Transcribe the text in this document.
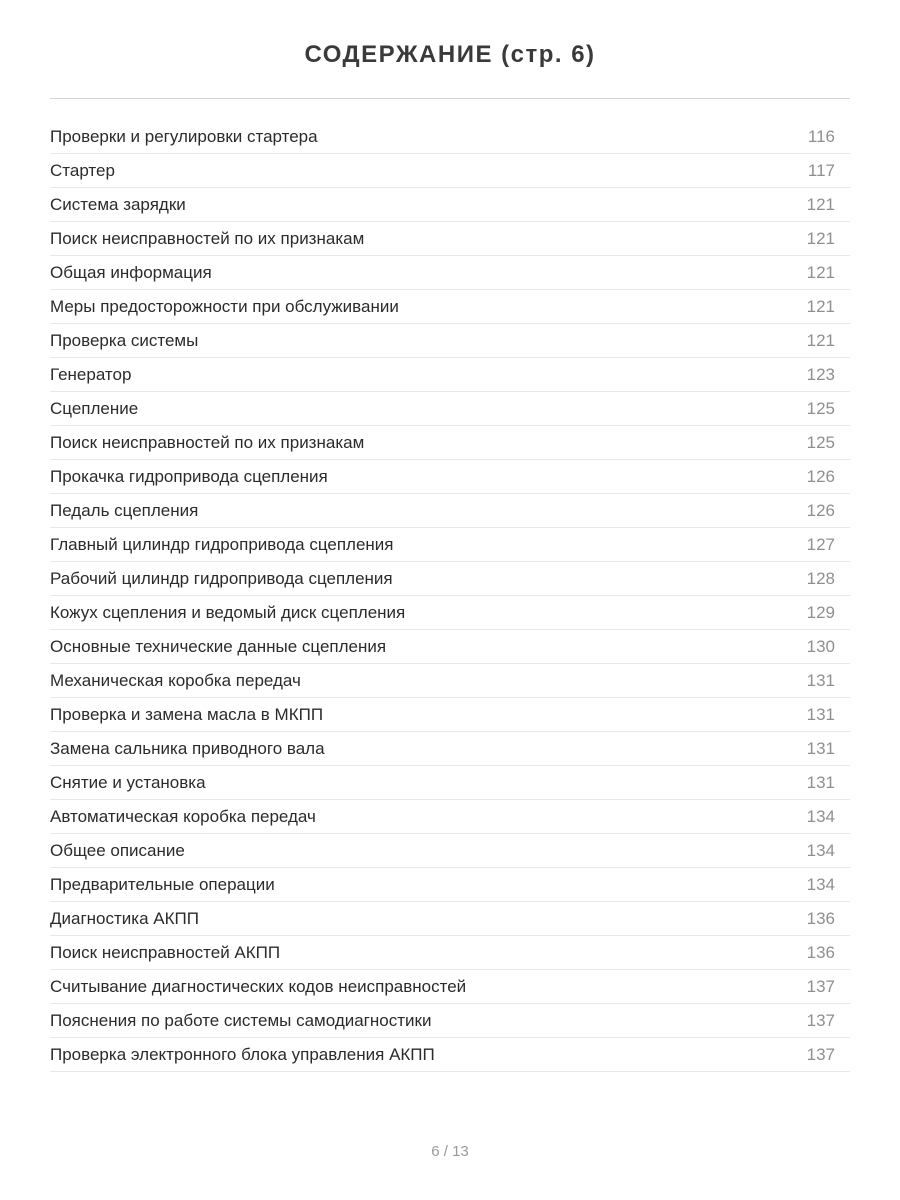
СОДЕРЖАНИЕ (стр. 6)
Проверки и регулировки стартера	116
Стартер	117
Система зарядки	121
Поиск неисправностей по их признакам	121
Общая информация	121
Меры предосторожности при обслуживании	121
Проверка системы	121
Генератор	123
Сцепление	125
Поиск неисправностей по их признакам	125
Прокачка гидропривода сцепления	126
Педаль сцепления	126
Главный цилиндр гидропривода сцепления	127
Рабочий цилиндр гидропривода сцепления	128
Кожух сцепления и ведомый диск сцепления	129
Основные технические данные сцепления	130
Механическая коробка передач	131
Проверка и замена масла в МКПП	131
Замена сальника приводного вала	131
Снятие и установка	131
Автоматическая коробка передач	134
Общее описание	134
Предварительные операции	134
Диагностика АКПП	136
Поиск неисправностей АКПП	136
Считывание диагностических кодов неисправностей	137
Пояснения по работе системы самодиагностики	137
Проверка электронного блока управления АКПП	137
6 / 13
